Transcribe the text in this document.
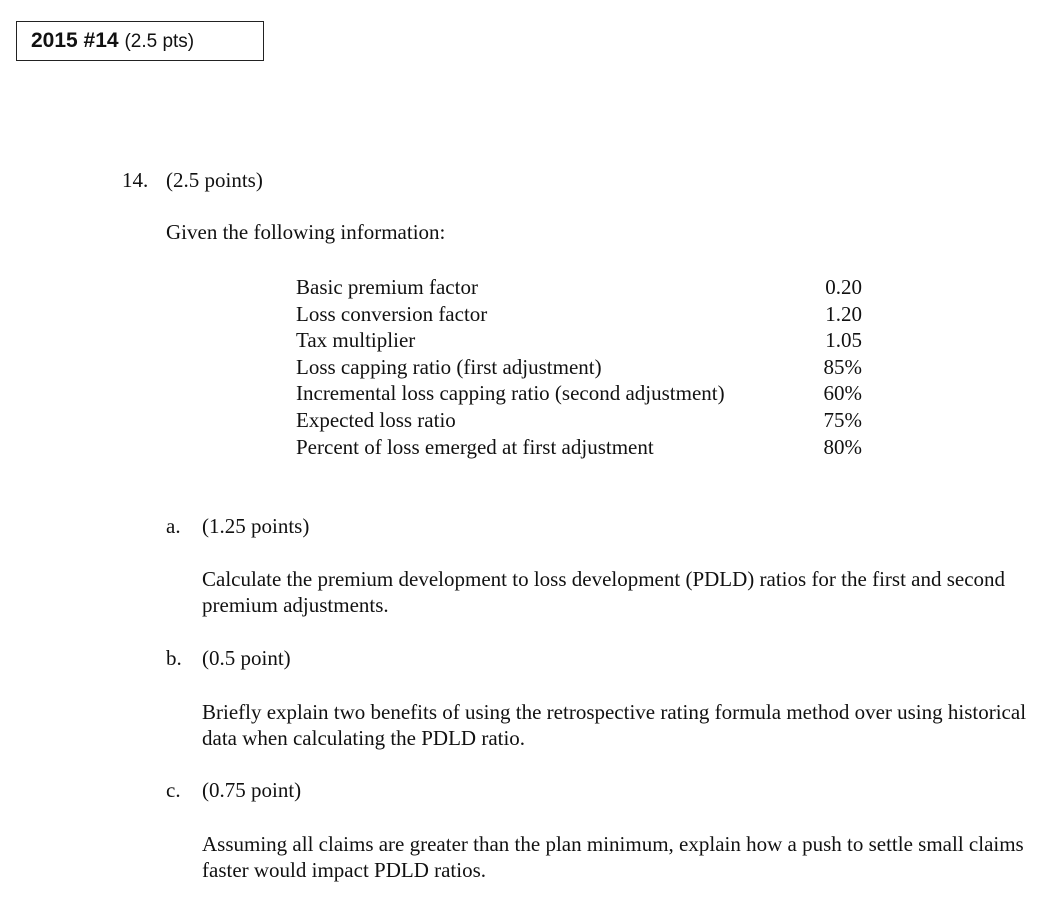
2015 #14 (2.5 pts)
14. (2.5 points)
Given the following information:
Basic premium factor	0.20
Loss conversion factor	1.20
Tax multiplier	1.05
Loss capping ratio (first adjustment)	85%
Incremental loss capping ratio (second adjustment)	60%
Expected loss ratio	75%
Percent of loss emerged at first adjustment	80%
a. (1.25 points)
Calculate the premium development to loss development (PDLD) ratios for the first and second premium adjustments.
b. (0.5 point)
Briefly explain two benefits of using the retrospective rating formula method over using historical data when calculating the PDLD ratio.
c. (0.75 point)
Assuming all claims are greater than the plan minimum, explain how a push to settle small claims faster would impact PDLD ratios.
